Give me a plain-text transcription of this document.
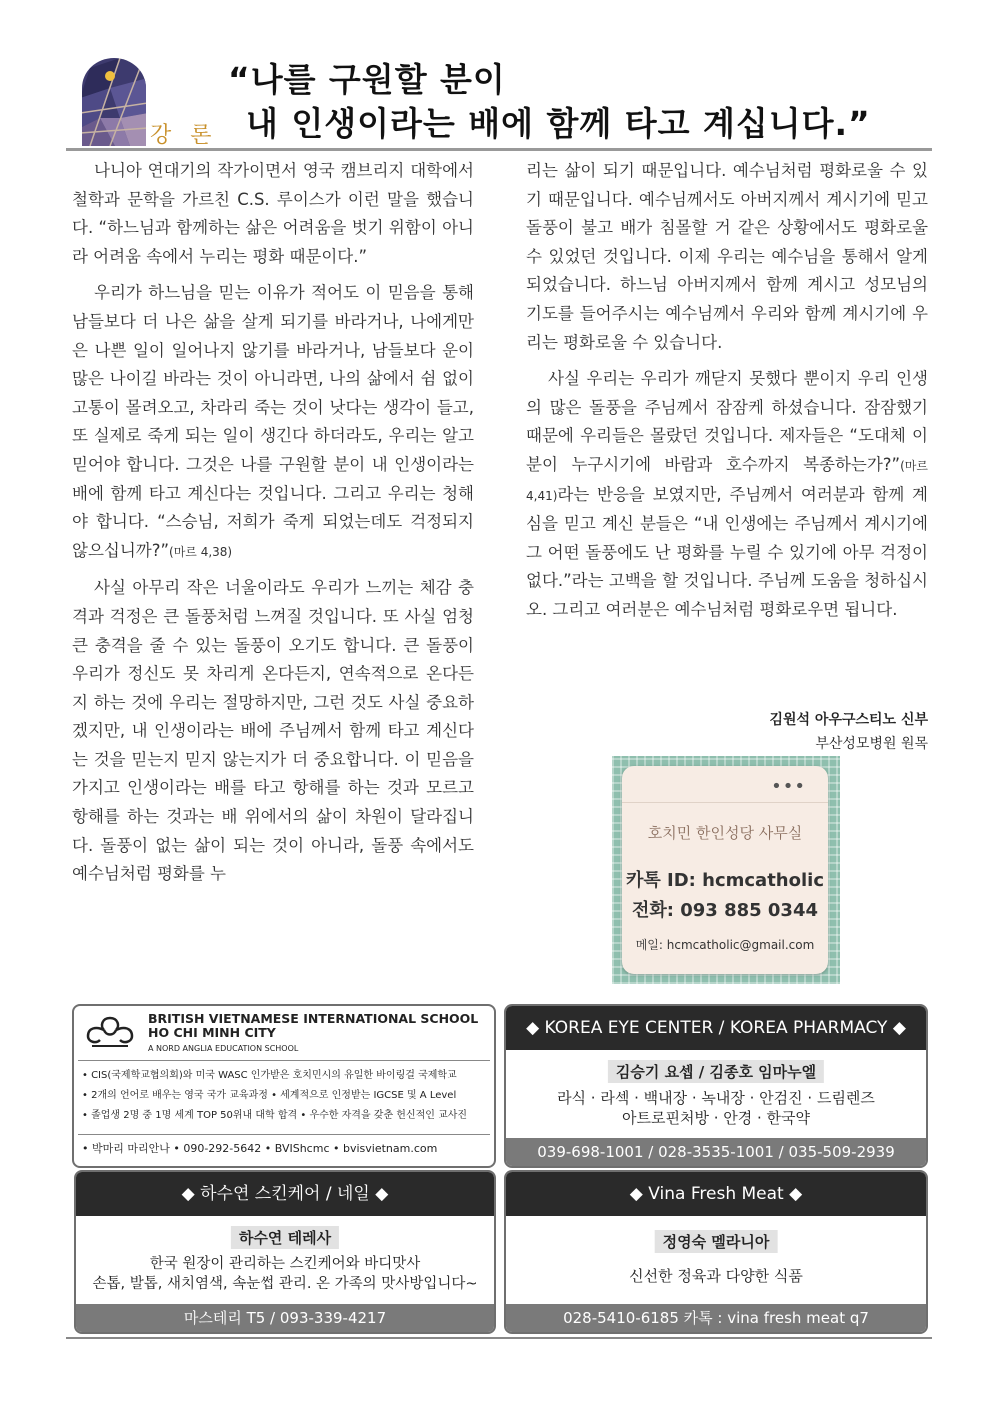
강 론
“나를 구원할 분이
내 인생이라는 배에 함께 타고 계십니다.”

나니아 연대기의 작가이면서 영국 캠브리지 대학에서 철학과 문학을 가르친 C.S. 루이스가 이런 말을 했습니다. “하느님과 함께하는 삶은 어려움을 벗기 위함이 아니라 어려움 속에서 누리는 평화 때문이다.”

우리가 하느님을 믿는 이유가 적어도 이 믿음을 통해 남들보다 더 나은 삶을 살게 되기를 바라거나, 나에게만은 나쁜 일이 일어나지 않기를 바라거나, 남들보다 운이 많은 나이길 바라는 것이 아니라면, 나의 삶에서 쉼 없이 고통이 몰려오고, 차라리 죽는 것이 낫다는 생각이 들고, 또 실제로 죽게 되는 일이 생긴다 하더라도, 우리는 알고 믿어야 합니다. 그것은 나를 구원할 분이 내 인생이라는 배에 함께 타고 계신다는 것입니다. 그리고 우리는 청해야 합니다. “스승님, 저희가 죽게 되었는데도 걱정되지 않으십니까?”(마르 4,38)

사실 아무리 작은 너울이라도 우리가 느끼는 체감 충격과 걱정은 큰 돌풍처럼 느껴질 것입니다. 또 사실 엄청 큰 충격을 줄 수 있는 돌풍이 오기도 합니다. 큰 돌풍이 우리가 정신도 못 차리게 온다든지, 연속적으로 온다든지 하는 것에 우리는 절망하지만, 그런 것도 사실 중요하겠지만, 내 인생이라는 배에 주님께서 함께 타고 계신다는 것을 믿는지 믿지 않는지가 더 중요합니다. 이 믿음을 가지고 인생이라는 배를 타고 항해를 하는 것과 모르고 항해를 하는 것과는 배 위에서의 삶이 차원이 달라집니다. 돌풍이 없는 삶이 되는 것이 아니라, 돌풍 속에서도 예수님처럼 평화를 누

리는 삶이 되기 때문입니다. 예수님처럼 평화로울 수 있기 때문입니다. 예수님께서도 아버지께서 계시기에 믿고 돌풍이 불고 배가 침몰할 거 같은 상황에서도 평화로울 수 있었던 것입니다. 이제 우리는 예수님을 통해서 알게 되었습니다. 하느님 아버지께서 함께 계시고 성모님의 기도를 들어주시는 예수님께서 우리와 함께 계시기에 우리는 평화로울 수 있습니다.

사실 우리는 우리가 깨닫지 못했다 뿐이지 우리 인생의 많은 돌풍을 주님께서 잠잠케 하셨습니다. 잠잠했기 때문에 우리들은 몰랐던 것입니다. 제자들은 “도대체 이분이 누구시기에 바람과 호수까지 복종하는가?”(마르 4,41)라는 반응을 보였지만, 주님께서 여러분과 함께 계심을 믿고 계신 분들은 “내 인생에는 주님께서 계시기에 그 어떤 돌풍에도 난 평화를 누릴 수 있기에 아무 걱정이 없다.”라는 고백을 할 것입니다. 주님께 도움을 청하십시오. 그리고 여러분은 예수님처럼 평화로우면 됩니다.

김원석 아우구스티노 신부
부산성모병원 원목
•••
호치민 한인성당 사무실
카톡 ID: hcmcatholic
전화: 093 885 0344
메일: hcmcatholic@gmail.com
BRITISH VIETNAMESE INTERNATIONAL SCHOOL
HO CHI MINH CITY
A NORD ANGLIA EDUCATION SCHOOL
• CIS(국제학교협의회)와 미국 WASC 인가받은 호치민시의 유일한 바이링걸 국제학교
• 2개의 언어로 배우는 영국 국가 교육과정 • 세계적으로 인정받는 IGCSE 및 A Level
• 졸업생 2명 중 1명 세계 TOP 50위내 대학 합격 • 우수한 자격을 갖춘 헌신적인 교사진
• 박마리 마리안나 • 090-292-5642 • BVIShcmc • bvisvietnam.com
◆ KOREA EYE CENTER / KOREA PHARMACY ◆
김승기 요셉 / 김종호 임마누엘
라식 · 라섹 · 백내장 · 녹내장 · 안검진 · 드림렌즈
아트로핀처방 · 안경 · 한국약
039-698-1001 / 028-3535-1001 / 035-509-2939
◆ 하수연 스킨케어 / 네일 ◆
하수연 테레사
한국 원장이 관리하는 스킨케어와 바디맛사
손톱, 발톱, 새치염색, 속눈썹 관리. 온 가족의 맛사방입니다~
마스테리 T5 / 093-339-4217
◆ Vina Fresh Meat ◆
정영숙 멜라니아
신선한 정육과 다양한 식품
028-5410-6185 카톡 : vina fresh meat q7
